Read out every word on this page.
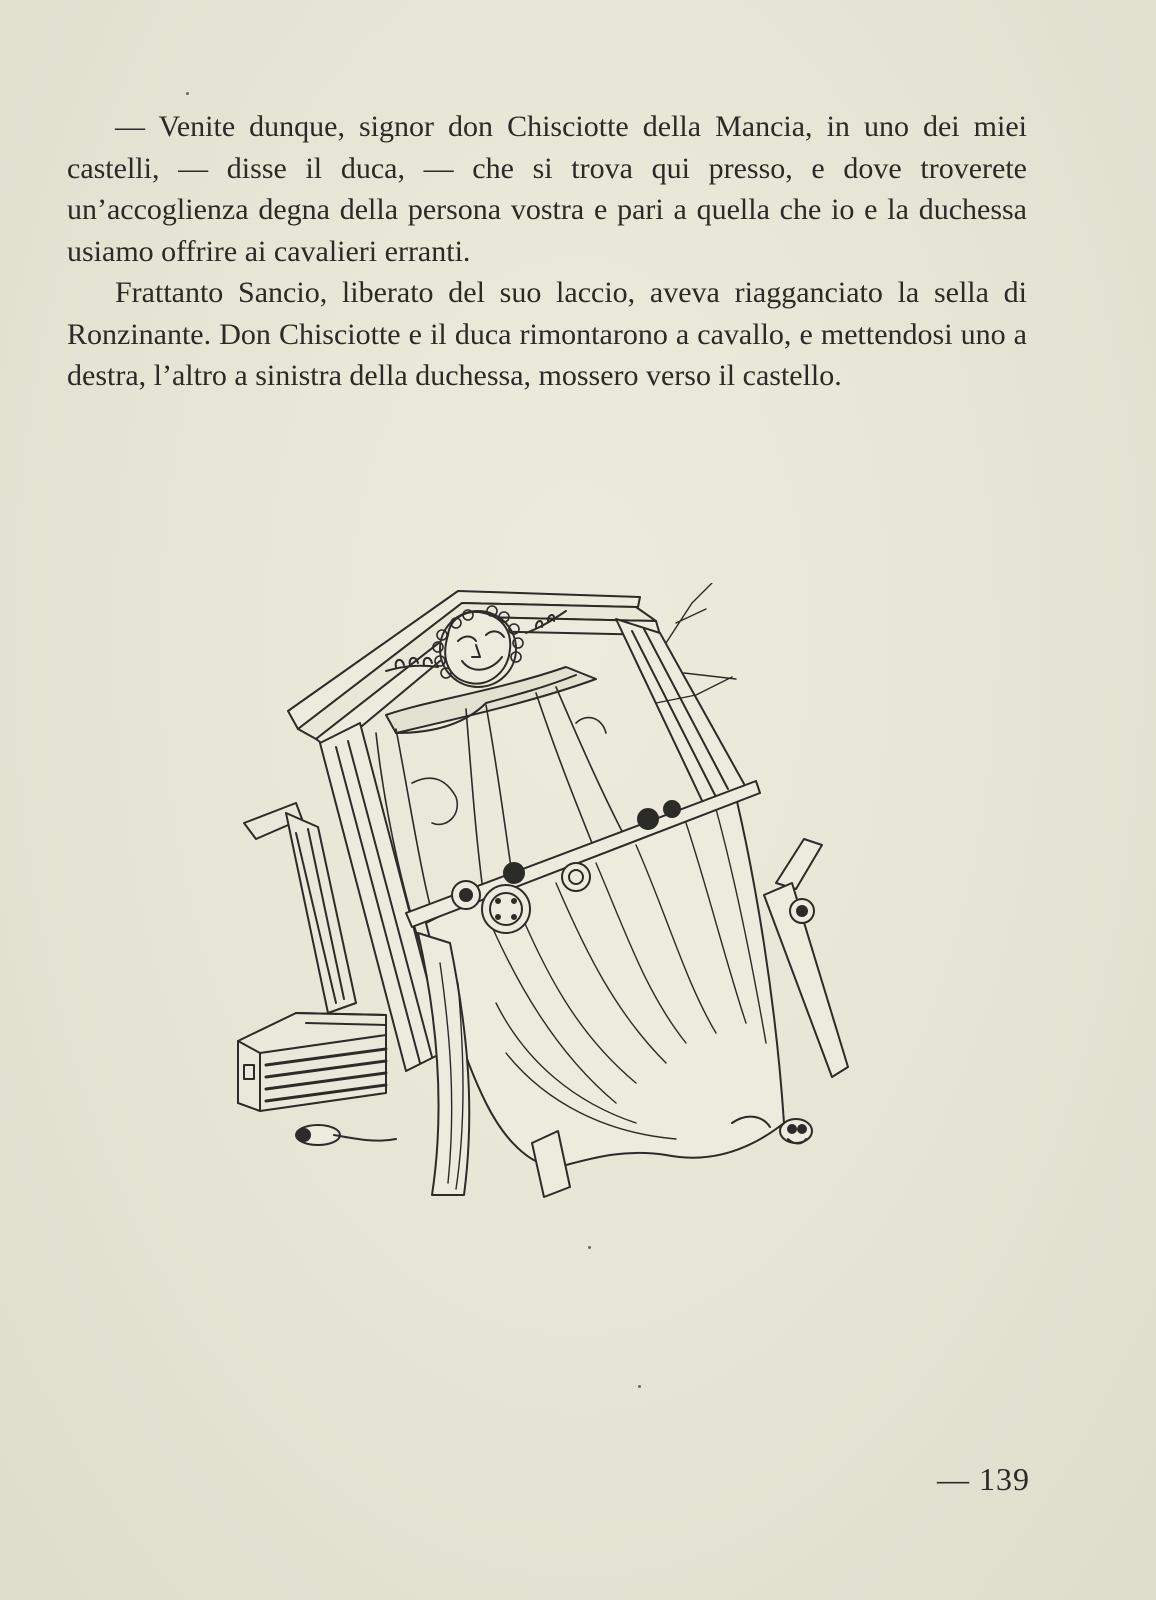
— Venite dunque, signor don Chisciotte della Mancia, in uno dei miei castelli, — disse il duca, — che si trova qui presso, e dove troverete un’accoglienza degna della persona vostra e pari a quella che io e la duchessa usiamo offrire ai cavalieri erranti.

Frattanto Sancio, liberato del suo laccio, aveva riagganciato la sella di Ronzinante. Don Chisciotte e il duca rimontarono a cavallo, e mettendosi uno a destra, l’altro a sinistra della duchessa, mossero verso il castello.

— 139
